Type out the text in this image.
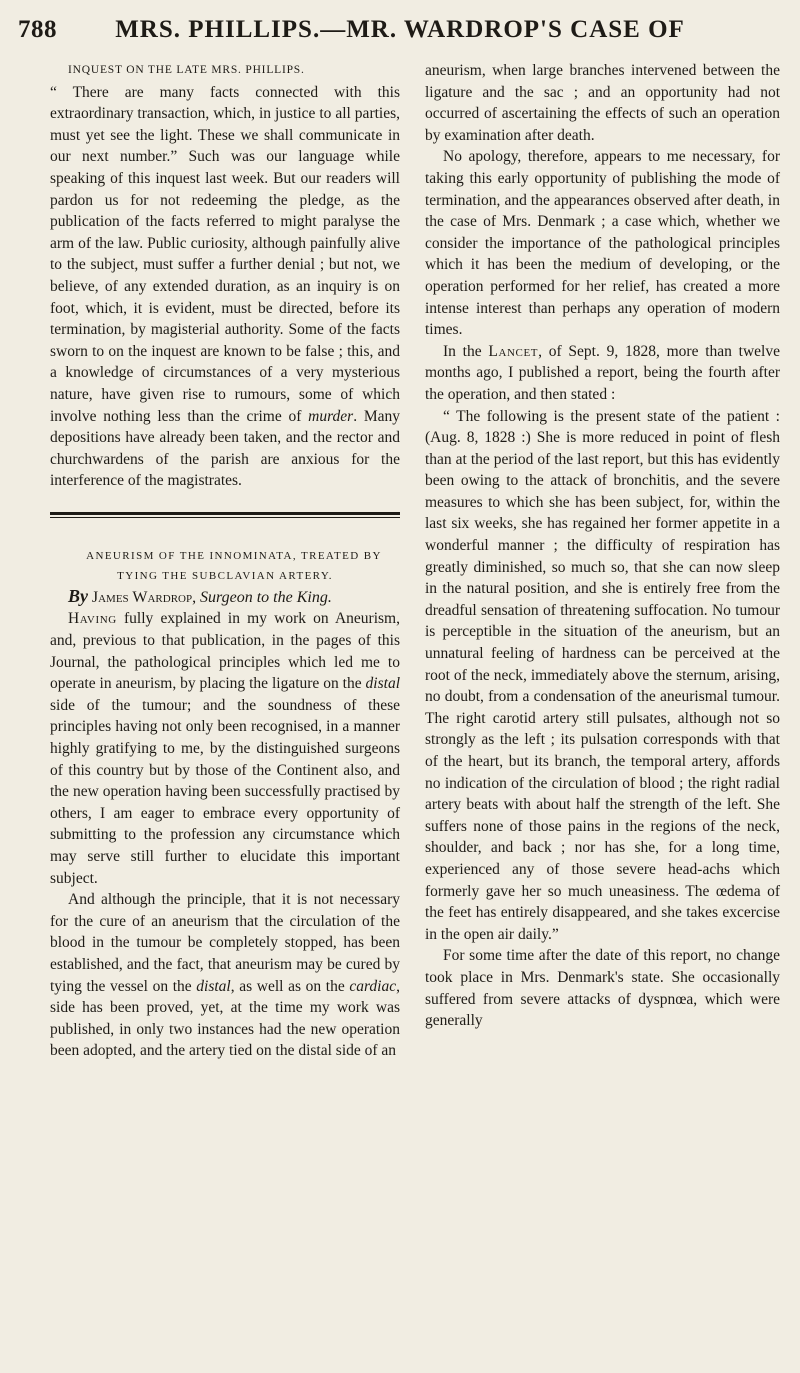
788	MRS. PHILLIPS.—MR. WARDROP'S CASE OF

INQUEST ON THE LATE MRS. PHILLIPS.

“ There are many facts connected with this extraordinary transaction, which, in justice to all parties, must yet see the light. These we shall communicate in our next number.” Such was our language while speaking of this inquest last week. But our readers will pardon us for not redeeming the pledge, as the publication of the facts referred to might paralyse the arm of the law. Public curiosity, although painfully alive to the subject, must suffer a further denial ; but not, we believe, of any extended duration, as an inquiry is on foot, which, it is evident, must be directed, before its termination, by magisterial authority. Some of the facts sworn to on the inquest are known to be false ; this, and a knowledge of circumstances of a very mysterious nature, have given rise to rumours, some of which involve nothing less than the crime of murder. Many depositions have already been taken, and the rector and churchwardens of the parish are anxious for the interference of the magistrates.

ANEURISM OF THE INNOMINATA, TREATED BY TYING THE SUBCLAVIAN ARTERY.

By James Wardrop, Surgeon to the King.

Having fully explained in my work on Aneurism, and, previous to that publication, in the pages of this Journal, the pathological principles which led me to operate in aneurism, by placing the ligature on the distal side of the tumour; and the soundness of these principles having not only been recognised, in a manner highly gratifying to me, by the distinguished surgeons of this country but by those of the Continent also, and the new operation having been successfully practised by others, I am eager to embrace every opportunity of submitting to the profession any circumstance which may serve still further to elucidate this important subject.

And although the principle, that it is not necessary for the cure of an aneurism that the circulation of the blood in the tumour be completely stopped, has been established, and the fact, that aneurism may be cured by tying the vessel on the distal, as well as on the cardiac, side has been proved, yet, at the time my work was published, in only two instances had the new operation been adopted, and the artery tied on the distal side of an

aneurism, when large branches intervened between the ligature and the sac ; and an opportunity had not occurred of ascertaining the effects of such an operation by examination after death.

No apology, therefore, appears to me necessary, for taking this early opportunity of publishing the mode of termination, and the appearances observed after death, in the case of Mrs. Denmark ; a case which, whether we consider the importance of the pathological principles which it has been the medium of developing, or the operation performed for her relief, has created a more intense interest than perhaps any operation of modern times.

In the Lancet, of Sept. 9, 1828, more than twelve months ago, I published a report, being the fourth after the operation, and then stated :

“ The following is the present state of the patient : (Aug. 8, 1828 :) She is more reduced in point of flesh than at the period of the last report, but this has evidently been owing to the attack of bronchitis, and the severe measures to which she has been subject, for, within the last six weeks, she has regained her former appetite in a wonderful manner ; the difficulty of respiration has greatly diminished, so much so, that she can now sleep in the natural position, and she is entirely free from the dreadful sensation of threatening suffocation. No tumour is perceptible in the situation of the aneurism, but an unnatural feeling of hardness can be perceived at the root of the neck, immediately above the sternum, arising, no doubt, from a condensation of the aneurismal tumour. The right carotid artery still pulsates, although not so strongly as the left ; its pulsation corresponds with that of the heart, but its branch, the temporal artery, affords no indication of the circulation of blood ; the right radial artery beats with about half the strength of the left. She suffers none of those pains in the regions of the neck, shoulder, and back ; nor has she, for a long time, experienced any of those severe head-achs which formerly gave her so much uneasiness. The œdema of the feet has entirely disappeared, and she takes excercise in the open air daily.”

For some time after the date of this report, no change took place in Mrs. Denmark's state. She occasionally suffered from severe attacks of dyspnœa, which were generally
